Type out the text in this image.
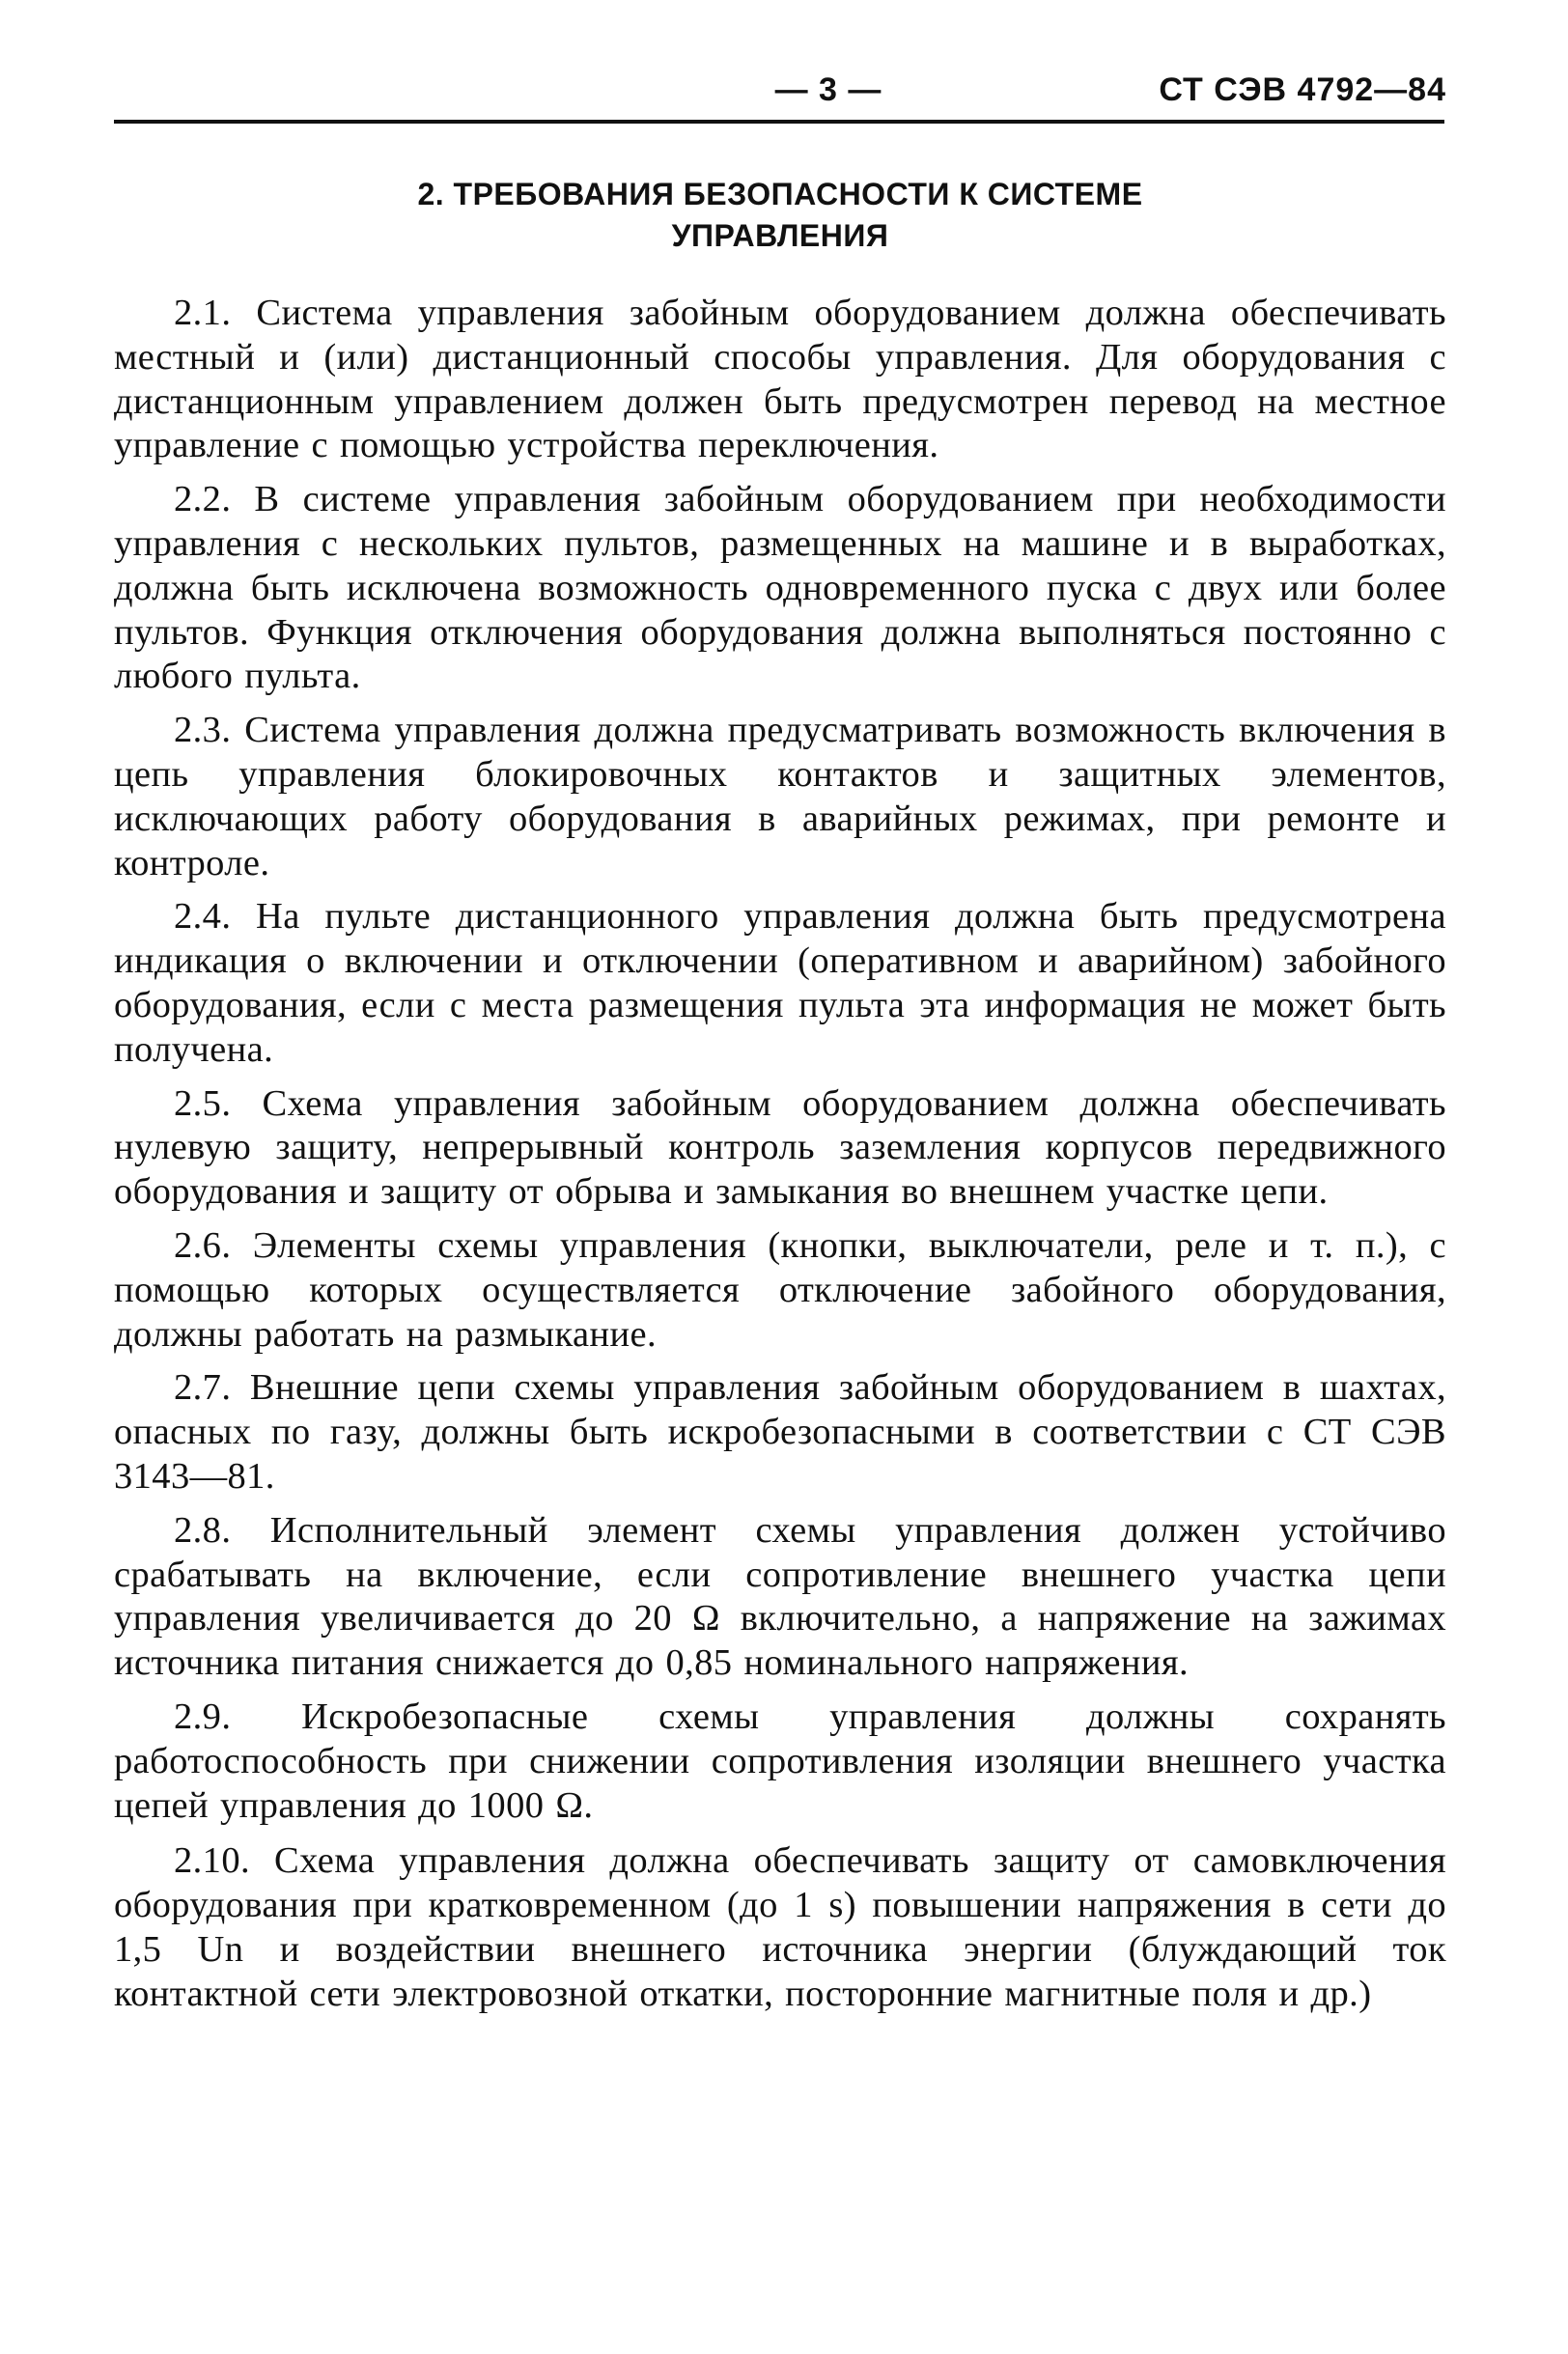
— 3 —	СТ СЭВ 4792—84
2. ТРЕБОВАНИЯ БЕЗОПАСНОСТИ К СИСТЕМЕ
УПРАВЛЕНИЯ

2.1. Система управления забойным оборудованием должна обеспечивать местный и (или) дистанционный способы управления. Для оборудования с дистанционным управлением должен быть предусмотрен перевод на местное управление с помощью устройства переключения.

2.2. В системе управления забойным оборудованием при необходимости управления с нескольких пультов, размещенных на машине и в выработках, должна быть исключена возможность одновременного пуска с двух или более пультов. Функция отключения оборудования должна выполняться постоянно с любого пульта.

2.3. Система управления должна предусматривать возможность включения в цепь управления блокировочных контактов и защитных элементов, исключающих работу оборудования в аварийных режимах, при ремонте и контроле.

2.4. На пульте дистанционного управления должна быть предусмотрена индикация о включении и отключении (оперативном и аварийном) забойного оборудования, если с места размещения пульта эта информация не может быть получена.

2.5. Схема управления забойным оборудованием должна обеспечивать нулевую защиту, непрерывный контроль заземления корпусов передвижного оборудования и защиту от обрыва и замыкания во внешнем участке цепи.

2.6. Элементы схемы управления (кнопки, выключатели, реле и т. п.), с помощью которых осуществляется отключение забойного оборудования, должны работать на размыкание.

2.7. Внешние цепи схемы управления забойным оборудованием в шахтах, опасных по газу, должны быть искробезопасными в соответствии с СТ СЭВ 3143—81.

2.8. Исполнительный элемент схемы управления должен устойчиво срабатывать на включение, если сопротивление внешнего участка цепи управления увеличивается до 20 Ω включительно, а напряжение на зажимах источника питания снижается до 0,85 номинального напряжения.

2.9. Искробезопасные схемы управления должны сохранять работоспособность при снижении сопротивления изоляции внешнего участка цепей управления до 1000 Ω.

2.10. Схема управления должна обеспечивать защиту от самовключения оборудования при кратковременном (до 1 s) повышении напряжения в сети до 1,5 Un и воздействии внешнего источника энергии (блуждающий ток контактной сети электровозной откатки, посторонние магнитные поля и др.)
